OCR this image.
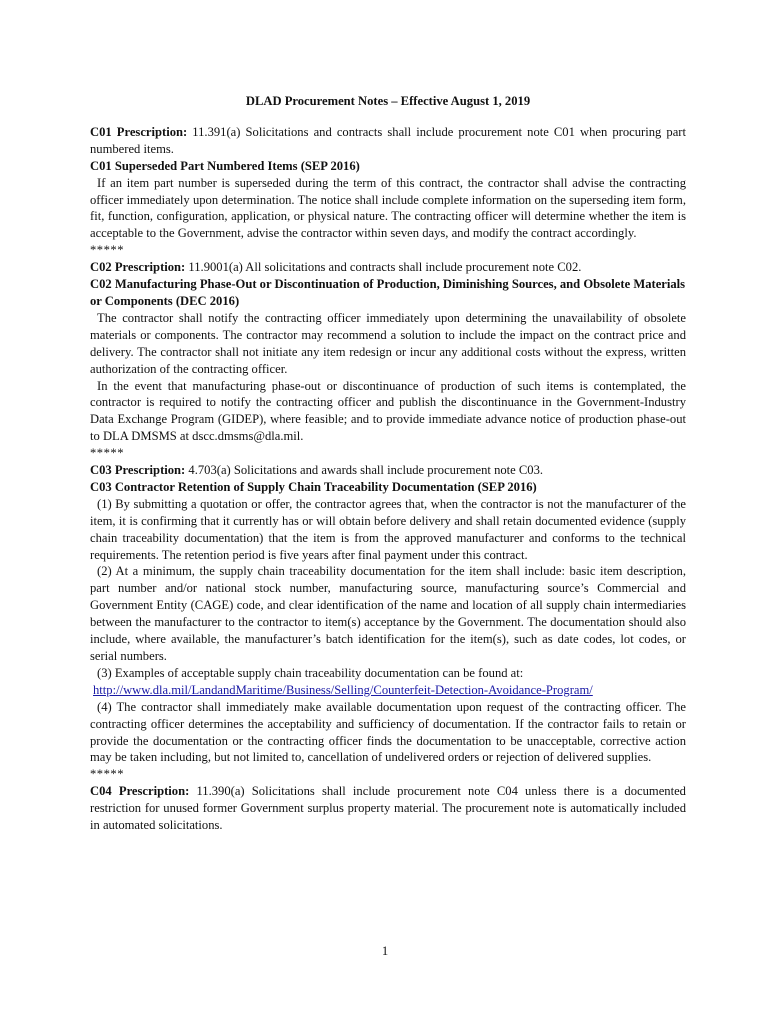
DLAD Procurement Notes – Effective August 1, 2019

C01 Prescription: 11.391(a) Solicitations and contracts shall include procurement note C01 when procuring part numbered items.

C01 Superseded Part Numbered Items (SEP 2016)

If an item part number is superseded during the term of this contract, the contractor shall advise the contracting officer immediately upon determination. The notice shall include complete information on the superseding item form, fit, function, configuration, application, or physical nature. The contracting officer will determine whether the item is acceptable to the Government, advise the contractor within seven days, and modify the contract accordingly.

*****

C02 Prescription: 11.9001(a) All solicitations and contracts shall include procurement note C02.

C02 Manufacturing Phase-Out or Discontinuation of Production, Diminishing Sources, and Obsolete Materials or Components (DEC 2016)

The contractor shall notify the contracting officer immediately upon determining the unavailability of obsolete materials or components. The contractor may recommend a solution to include the impact on the contract price and delivery. The contractor shall not initiate any item redesign or incur any additional costs without the express, written authorization of the contracting officer.

In the event that manufacturing phase-out or discontinuance of production of such items is contemplated, the contractor is required to notify the contracting officer and publish the discontinuance in the Government-Industry Data Exchange Program (GIDEP), where feasible; and to provide immediate advance notice of production phase-out to DLA DMSMS at dscc.dmsms@dla.mil.

*****

C03 Prescription: 4.703(a) Solicitations and awards shall include procurement note C03.

C03 Contractor Retention of Supply Chain Traceability Documentation (SEP 2016)

(1) By submitting a quotation or offer, the contractor agrees that, when the contractor is not the manufacturer of the item, it is confirming that it currently has or will obtain before delivery and shall retain documented evidence (supply chain traceability documentation) that the item is from the approved manufacturer and conforms to the technical requirements. The retention period is five years after final payment under this contract.

(2) At a minimum, the supply chain traceability documentation for the item shall include: basic item description, part number and/or national stock number, manufacturing source, manufacturing source’s Commercial and Government Entity (CAGE) code, and clear identification of the name and location of all supply chain intermediaries between the manufacturer to the contractor to item(s) acceptance by the Government. The documentation should also include, where available, the manufacturer’s batch identification for the item(s), such as date codes, lot codes, or serial numbers.

(3) Examples of acceptable supply chain traceability documentation can be found at:

http://www.dla.mil/LandandMaritime/Business/Selling/Counterfeit-Detection-Avoidance-Program/

(4) The contractor shall immediately make available documentation upon request of the contracting officer. The contracting officer determines the acceptability and sufficiency of documentation. If the contractor fails to retain or provide the documentation or the contracting officer finds the documentation to be unacceptable, corrective action may be taken including, but not limited to, cancellation of undelivered orders or rejection of delivered supplies.

*****

C04 Prescription: 11.390(a) Solicitations shall include procurement note C04 unless there is a documented restriction for unused former Government surplus property material. The procurement note is automatically included in automated solicitations.

1
